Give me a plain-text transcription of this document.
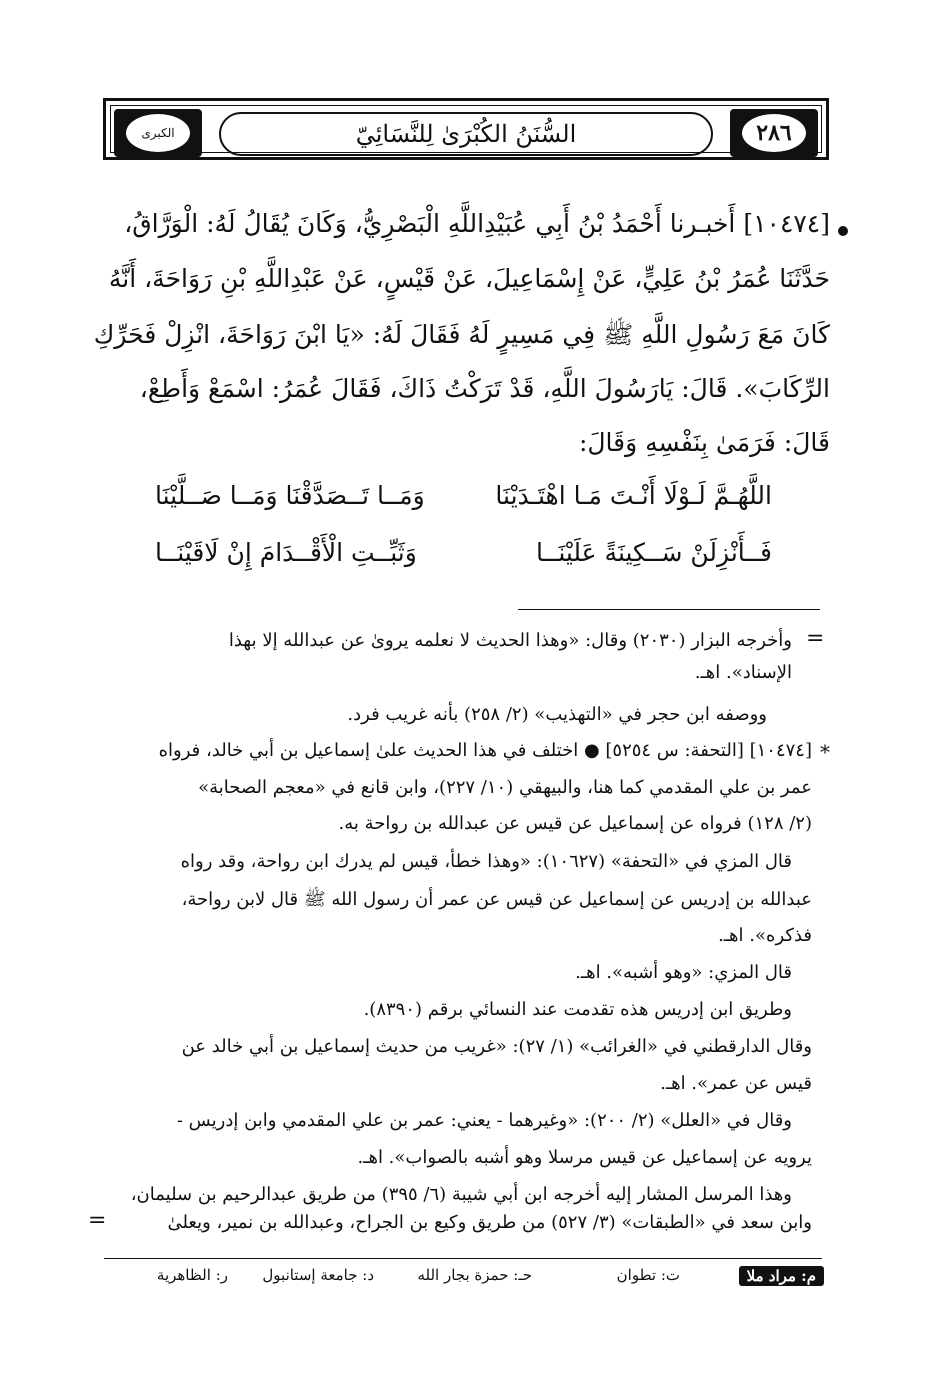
٢٨٦
السُّنَنُ الكُبْرَىٰ لِلنَّسَائِيّ
الكبرى
[١٠٤٧٤] أَخبـرنا أَحْمَدُ بْنُ أَبِي عُبَيْدِاللَّهِ الْبَصْرِيُّ، وَكَانَ يُقَالُ لَهُ: الْوَرَّاقُ،
حَدَّثَنَا عُمَرُ بْنُ عَلِيٍّ، عَنْ إِسْمَاعِيلَ، عَنْ قَيْسٍ، عَنْ عَبْدِاللَّهِ بْنِ رَوَاحَةَ، أَنَّهُ
كَانَ مَعَ رَسُولِ اللَّهِ ﷺ فِي مَسِيرٍ لَهُ فَقَالَ لَهُ: «يَا ابْنَ رَوَاحَةَ، انْزِلْ فَحَرِّكِ
الرِّكَابَ». قَالَ: يَارَسُولَ اللَّهِ، قَدْ تَرَكْتُ ذَاكَ، فَقَالَ عُمَرُ: اسْمَعْ وَأَطِعْ،
قَالَ: فَرَمَىٰ بِنَفْسِهِ وَقَالَ:
اللَّهُـمَّ لَـوْلَا أَنْـتَ مَـا اهْتَـدَيْنَا
وَمَــا تَــصَدَّقْنَا وَمَــا صَــلَّيْنَا
فَــأَنْزِلَنْ سَــكِينَةً عَلَيْنَــا
وَثَبِّــتِ الْأَقْــدَامَ إِنْ لَاقَيْنَــا
=
وأخرجه البزار (٢٠٣٠) وقال: «وهذا الحديث لا نعلمه يروىٰ عن عبدالله إلا بهذا
الإسناد». اهـ.
ووصفه ابن حجر في «التهذيب» (٢/ ٢٥٨) بأنه غريب فرد.
*
[١٠٤٧٤] [التحفة: س ٥٢٥٤] ● اختلف في هذا الحديث علىٰ إسماعيل بن أبي خالد، فرواه
عمر بن علي المقدمي كما هنا، والبيهقي (١٠/ ٢٢٧)، وابن قانع في «معجم الصحابة»
(٢/ ١٢٨) فرواه عن إسماعيل عن قيس عن عبدالله بن رواحة به.
قال المزي في «التحفة» (١٠٦٢٧): «وهذا خطأ، قيس لم يدرك ابن رواحة، وقد رواه
عبدالله بن إدريس عن إسماعيل عن قيس عن عمر أن رسول الله ﷺ قال لابن رواحة،
فذكره». اهـ.
قال المزي: «وهو أشبه». اهـ.
وطريق ابن إدريس هذه تقدمت عند النسائي برقم (٨٣٩٠).
وقال الدارقطني في «الغرائب» (١/ ٢٧): «غريب من حديث إسماعيل بن أبي خالد عن
قيس عن عمر». اهـ.
وقال في «العلل» (٢/ ٢٠٠): «وغيرهما - يعني: عمر بن علي المقدمي وابن إدريس -
يرويه عن إسماعيل عن قيس مرسلا وهو أشبه بالصواب». اهـ.
وهذا المرسل المشار إليه أخرجه ابن أبي شيبة (٦/ ٣٩٥) من طريق عبدالرحيم بن سليمان،
وابن سعد في «الطبقات» (٣/ ٥٢٧) من طريق وكيع بن الجراح، وعبدالله بن نمير، ويعلىٰ
=
م: مراد ملا
ت: تطوان
حـ: حمزة بجار الله
د: جامعة إستانبول
ر: الظاهرية
